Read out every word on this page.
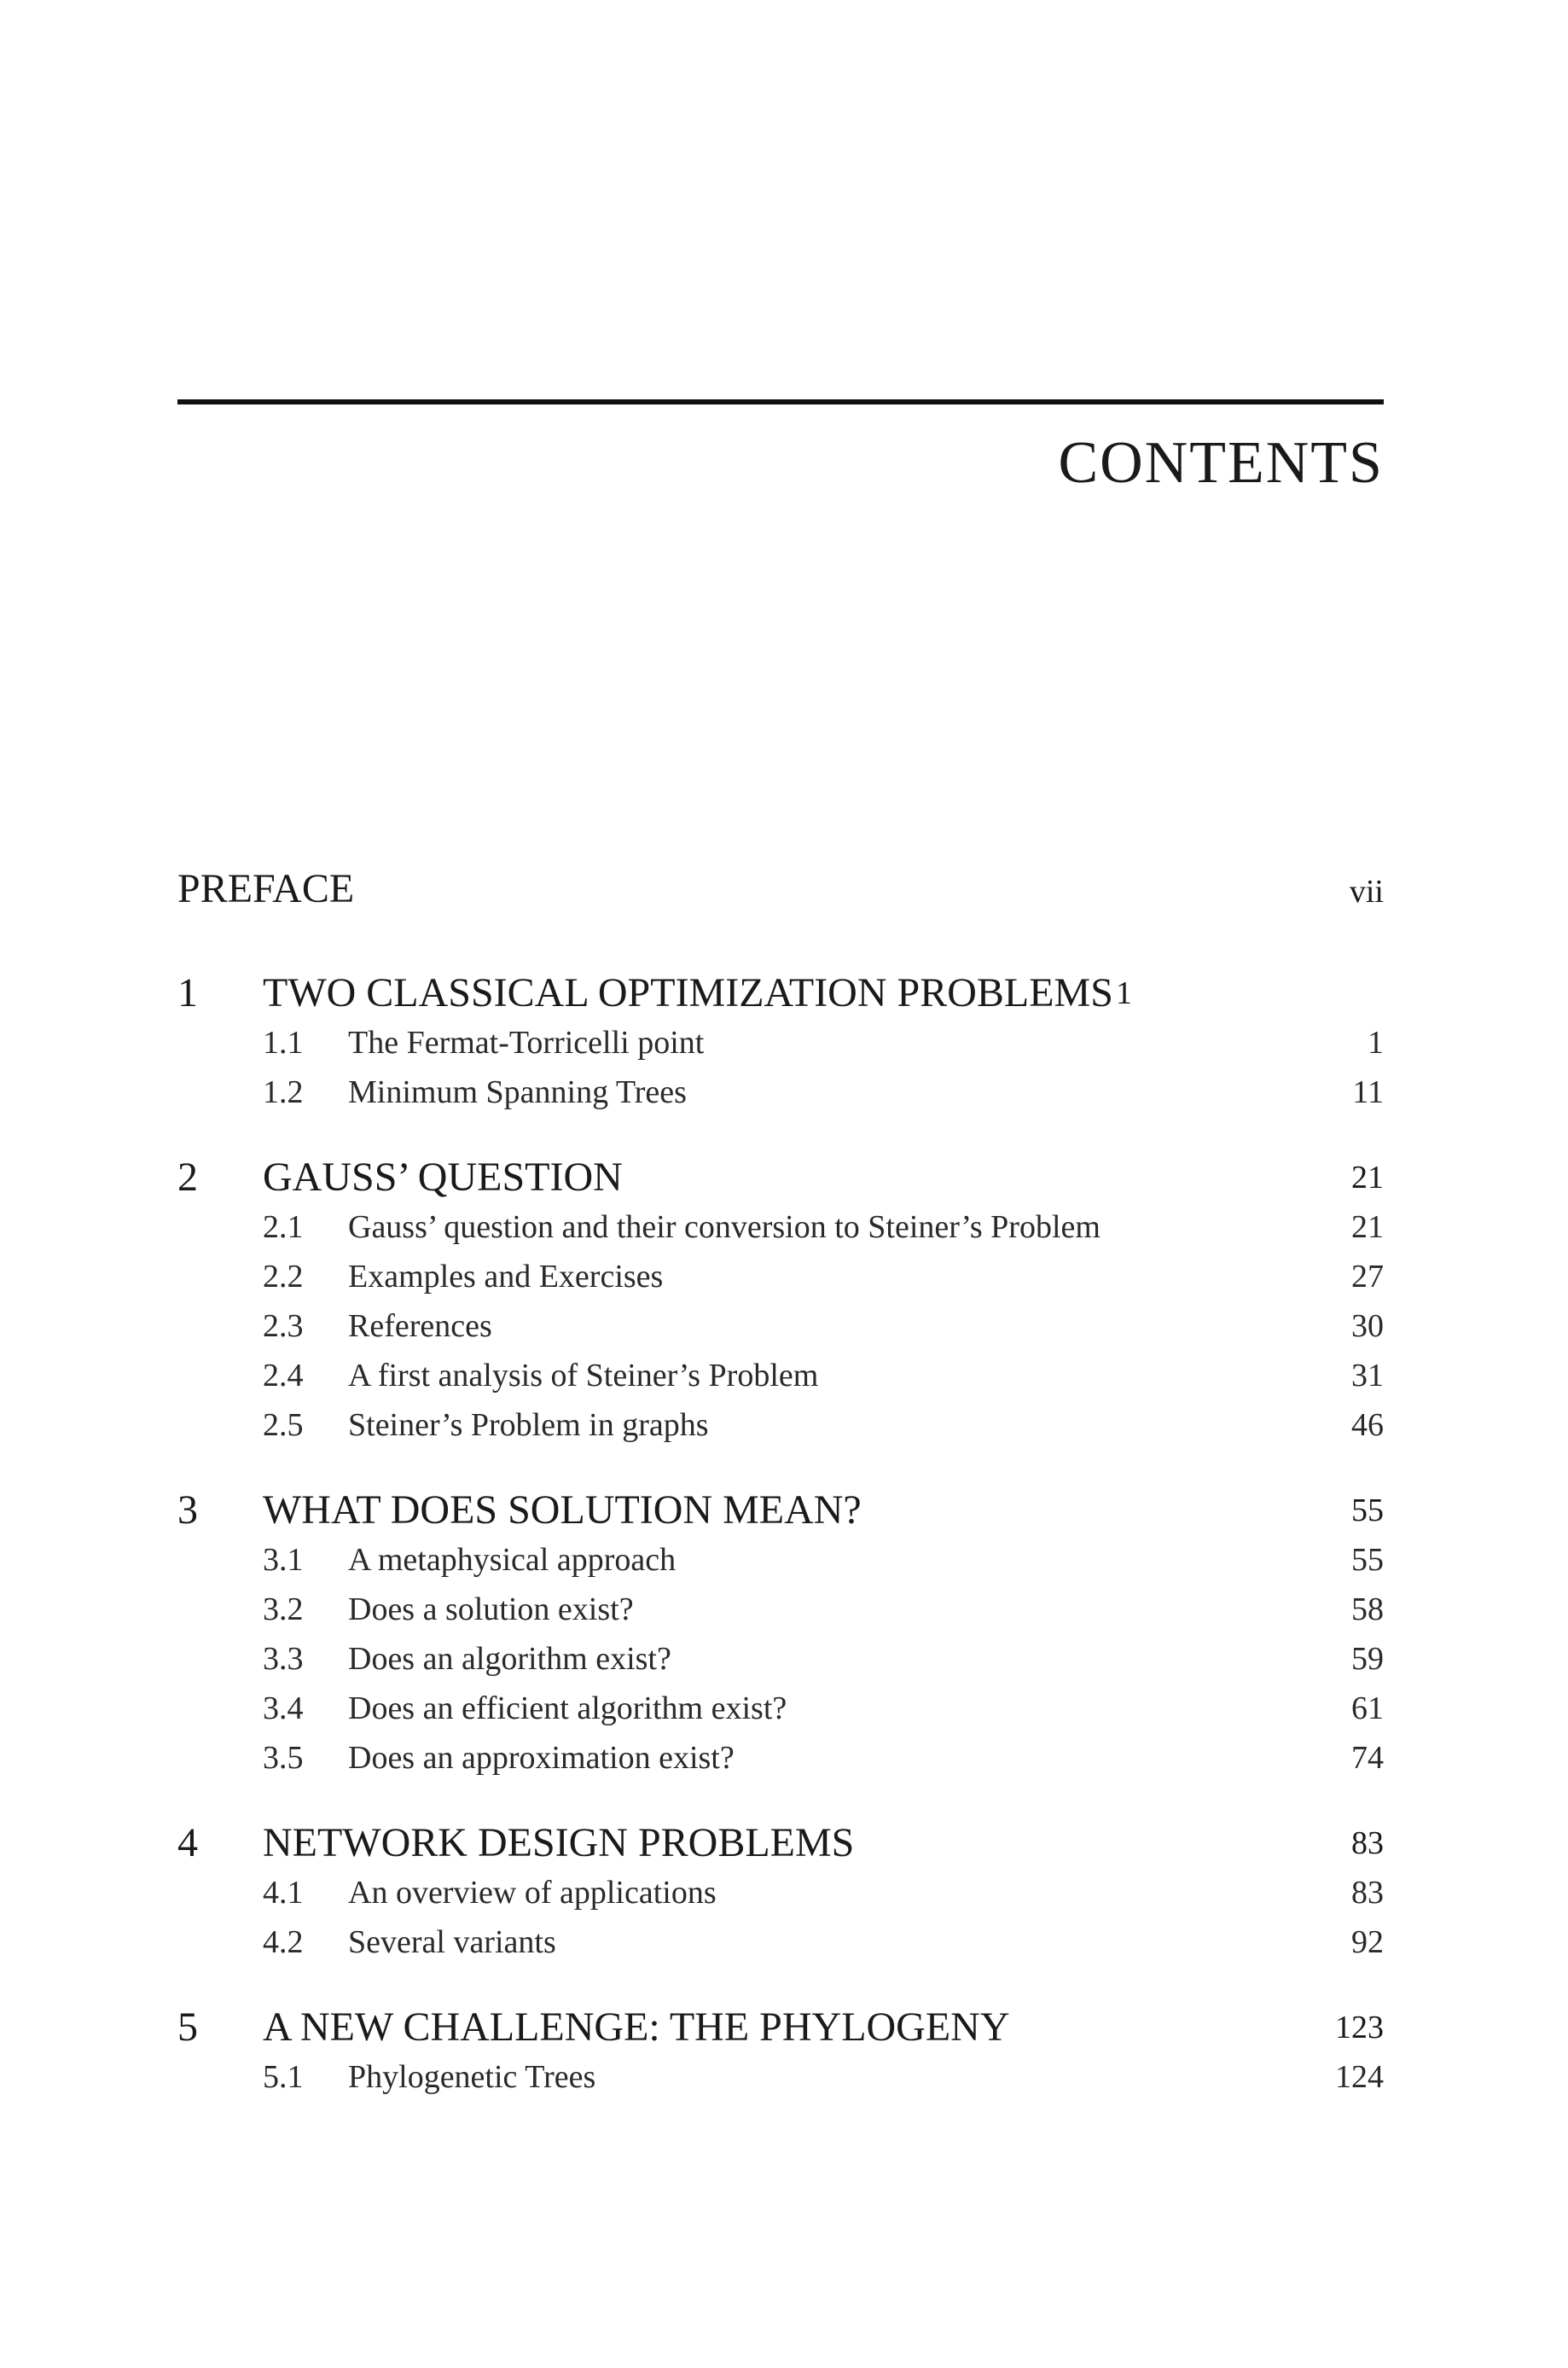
CONTENTS
PREFACE	vii
1	TWO CLASSICAL OPTIMIZATION PROBLEMS 1
1.1	The Fermat-Torricelli point	1
1.2	Minimum Spanning Trees	11
2	GAUSS’ QUESTION	21
2.1	Gauss’ question and their conversion to Steiner’s Problem	21
2.2	Examples and Exercises	27
2.3	References	30
2.4	A first analysis of Steiner’s Problem	31
2.5	Steiner’s Problem in graphs	46
3	WHAT DOES SOLUTION MEAN?	55
3.1	A metaphysical approach	55
3.2	Does a solution exist?	58
3.3	Does an algorithm exist?	59
3.4	Does an efficient algorithm exist?	61
3.5	Does an approximation exist?	74
4	NETWORK DESIGN PROBLEMS	83
4.1	An overview of applications	83
4.2	Several variants	92
5	A NEW CHALLENGE: THE PHYLOGENY	123
5.1	Phylogenetic Trees	124
